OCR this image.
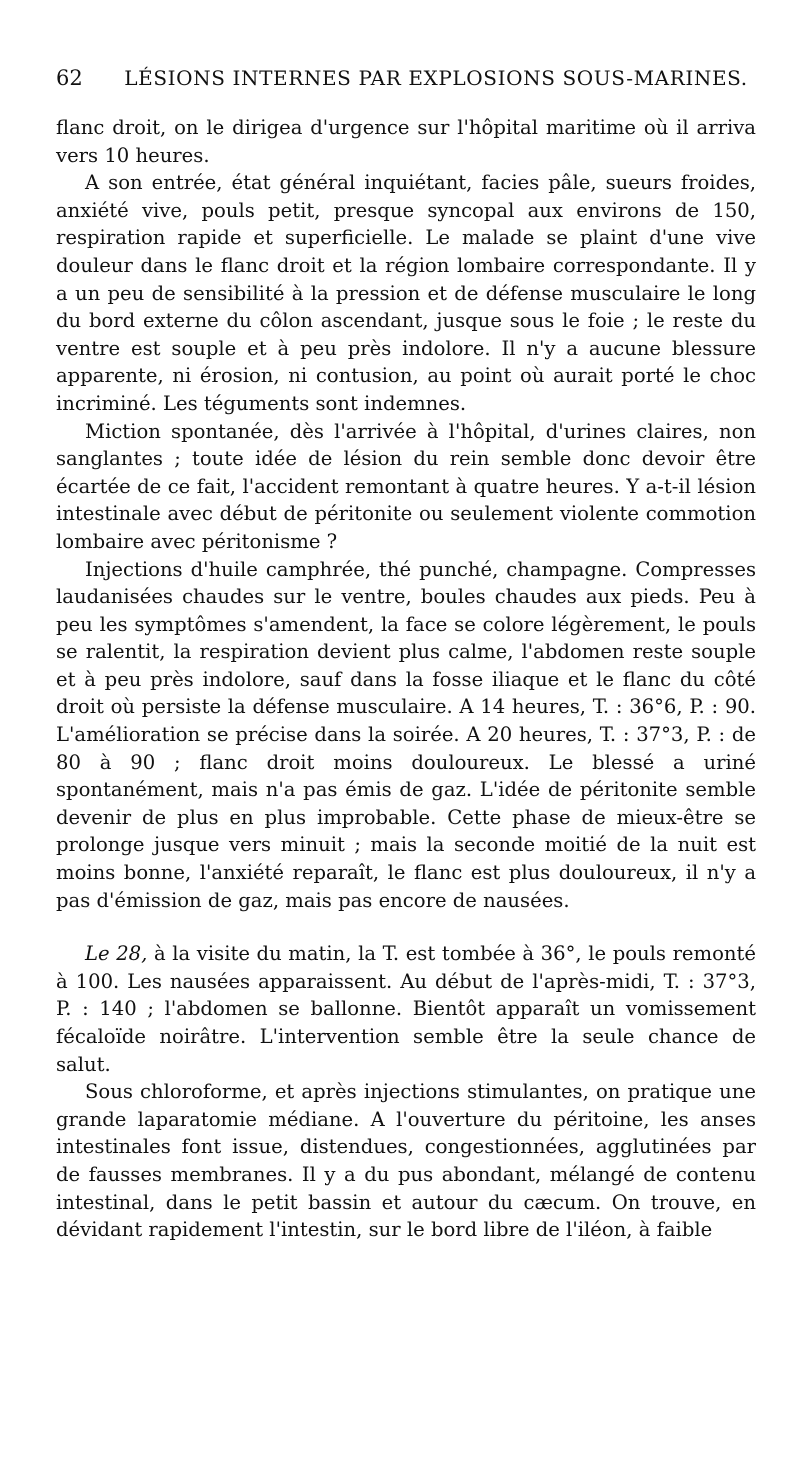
62	LÉSIONS INTERNES PAR EXPLOSIONS SOUS-MARINES.

flanc droit, on le dirigea d'urgence sur l'hôpital maritime où il arriva vers 10 heures.

A son entrée, état général inquiétant, facies pâle, sueurs froides, anxiété vive, pouls petit, presque syncopal aux environs de 150, respiration rapide et superficielle. Le malade se plaint d'une vive douleur dans le flanc droit et la région lombaire correspondante. Il y a un peu de sensibilité à la pression et de défense musculaire le long du bord externe du côlon ascendant, jusque sous le foie ; le reste du ventre est souple et à peu près indolore. Il n'y a aucune blessure apparente, ni érosion, ni contusion, au point où aurait porté le choc incriminé. Les téguments sont indemnes.

Miction spontanée, dès l'arrivée à l'hôpital, d'urines claires, non sanglantes ; toute idée de lésion du rein semble donc devoir être écartée de ce fait, l'accident remontant à quatre heures. Y a-t-il lésion intestinale avec début de péritonite ou seulement violente commotion lombaire avec péritonisme ?

Injections d'huile camphrée, thé punché, champagne. Compresses laudanisées chaudes sur le ventre, boules chaudes aux pieds. Peu à peu les symptômes s'amendent, la face se colore légèrement, le pouls se ralentit, la respiration devient plus calme, l'abdomen reste souple et à peu près indolore, sauf dans la fosse iliaque et le flanc du côté droit où persiste la défense musculaire. A 14 heures, T. : 36°6, P. : 90. L'amélioration se précise dans la soirée. A 20 heures, T. : 37°3, P. : de 80 à 90 ; flanc droit moins douloureux. Le blessé a uriné spontanément, mais n'a pas émis de gaz. L'idée de péritonite semble devenir de plus en plus improbable. Cette phase de mieux-être se prolonge jusque vers minuit ; mais la seconde moitié de la nuit est moins bonne, l'anxiété reparaît, le flanc est plus douloureux, il n'y a pas d'émission de gaz, mais pas encore de nausées.

Le 28, à la visite du matin, la T. est tombée à 36°, le pouls remonté à 100. Les nausées apparaissent. Au début de l'après-midi, T. : 37°3, P. : 140 ; l'abdomen se ballonne. Bientôt apparaît un vomissement fécaloïde noirâtre. L'intervention semble être la seule chance de salut.

Sous chloroforme, et après injections stimulantes, on pratique une grande laparatomie médiane. A l'ouverture du péritoine, les anses intestinales font issue, distendues, congestionnées, agglutinées par de fausses membranes. Il y a du pus abondant, mélangé de contenu intestinal, dans le petit bassin et autour du cæcum. On trouve, en dévidant rapidement l'intestin, sur le bord libre de l'iléon, à faible
